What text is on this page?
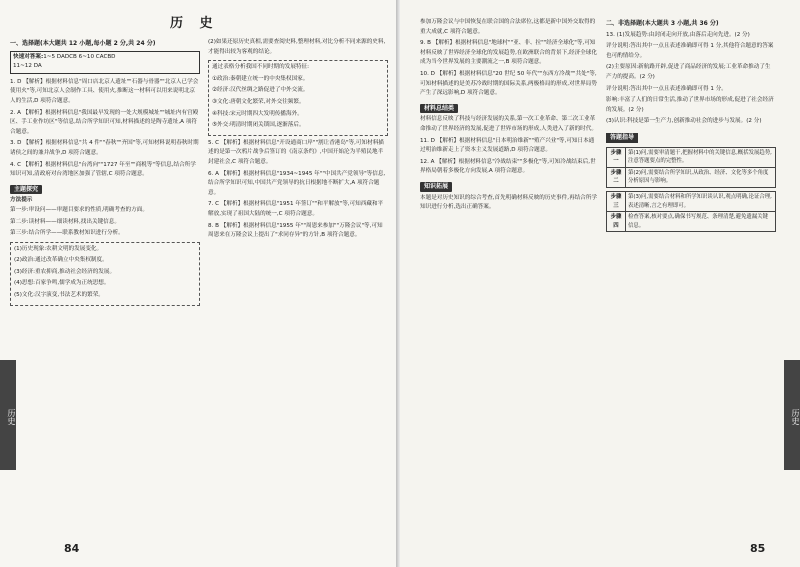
历 史
一、选择题(本大题共 12 小题,每小题 2 分,共 24 分)
快速对答案:1~5 DADCB 6~10 CACBD
11~12 DA

1. D 【解析】根据材料信息"周口店北京人遗址""石器与骨器""北京人已学会使用火"等,可知北京人会制作工具、使用火,推断这一材料可以用来说明北京人的生活,D 项符合题意。

2. A 【解析】根据材料信息"我国最早发现的一处大规模城址""城址内有宫殿区、手工业作坊区"等信息,结合所学知识可知,材料描述的是陶寺遗址,A 项符合题意。

3. D 【解析】根据材料信息"共 4 件""春秋""齐国"等,可知材料说明春秋时期诸侯之间的兼并战争,D 项符合题意。

4. C 【解析】根据材料信息"台湾向""1727 年至""商税等"等信息,结合所学知识可知,清政府对台湾地区加强了管辖,C 项符合题意。

主题探究
方法提示

第一步:审设问——审题目要求的性质,明确考查的方面。

第二步:读材料——细读材料,找出关键信息。

第三步:结合所学——联系教材知识进行分析。

(1)历史现象:农耕文明的发展变化。

(2)政治:通过改革确立中央集权制度。

(3)经济:重农抑商,推动社会经济的发展。

(4)思想:百家争鸣,儒学成为正统思想。

(5)文化:汉字演变,书法艺术的繁荣。

(2)如果还原历史真相,需要查阅史料,整理材料,对比分析不同来源的史料,才能得出较为客观的结论。

通过表格分析我国不同时期的发展特征:

①政治:秦朝建立统一的中央集权国家。

②经济:汉代丝绸之路促进了中外交流。

③文化:唐朝文化繁荣,对外交往频繁。

④科技:宋元时期四大发明传播海外。

⑤外交:明清时期闭关锁国,逐渐落后。

5. C 【解析】根据材料信息"开设通商口岸""割让香港岛"等,可知材料描述的是第一次鸦片战争后签订的《南京条约》,中国开始沦为半殖民地半封建社会,C 项符合题意。

6. A 【解析】根据材料信息"1934~1945 年""中国共产党领导"等信息,结合所学知识可知,中国共产党领导的抗日根据地不断扩大,A 项符合题意。

7. C 【解析】根据材料信息"1951 年签订""和平解放"等,可知西藏和平解放,实现了祖国大陆的统一,C 项符合题意。

8. B 【解析】根据材料信息"1955 年""周恩来参加""万隆会议"等,可知周恩来在万隆会议上提出了"求同存异"的方针,B 项符合题意。

历史
84

参加万隆会议与中国恢复在联合国的合法席位,这都是新中国外交取得的重大成就,C 项符合题意。

9. B 【解析】根据材料信息"地球村""亚、非、拉""经济全球化"等,可知材料反映了世界经济全球化的发展趋势,在欧洲联合的背景下,经济全球化成为当今世界发展的主要潮流之一,B 项符合题意。

10. D 【解析】根据材料信息"20 世纪 50 年代""东西方冷战""共处"等,可知材料描述的是美苏冷战时期的国际关系,两极格局的形成,对世界局势产生了深远影响,D 项符合题意。

材料总结类

材料信息反映了科技与经济发展的关系,第一次工业革命、第二次工业革命推动了世界经济的发展,促进了世界市场的形成,人类进入了新的时代。

11. D 【解析】根据材料信息"日本明治维新""殖产兴业"等,可知日本通过明治维新走上了资本主义发展道路,D 项符合题意。

12. A 【解析】根据材料信息"冷战结束""多极化"等,可知冷战结束后,世界格局朝着多极化方向发展,A 项符合题意。

知识拓展

本题是对历史知识的综合考查,首先明确材料反映的历史事件,再结合所学知识进行分析,选出正确答案。

二、非选择题(本大题共 3 小题,共 36 分)

13. (1)发展趋势:由封闭走向开放,由落后走向先进。(2 分)

评分说明:答出其中一点且表述准确即可得 1 分,其他符合题意的答案也可酌情给分。

(2)主要原因:新航路开辟,促进了商品经济的发展;工业革命推动了生产力的提高。(2 分)

评分说明:答出其中一点且表述准确即可得 1 分。

影响:丰富了人们的日常生活,推动了世界市场的形成,促进了社会经济的发展。(2 分)

(3)认识:科技是第一生产力,创新推动社会的进步与发展。(2 分)

答题指导
步骤一	第(1)问,需要审清题干,把握材料中的关键信息,概括发展趋势,注意答题要点的完整性。
步骤二	第(2)问,需要结合所学知识,从政治、经济、文化等多个角度分析原因与影响。
步骤三	第(3)问,需要结合材料和所学知识谈认识,观点明确,论证合理,表述清晰,言之有理即可。
步骤四	检查答案,核对要点,确保书写规范、条理清楚,避免遗漏关键信息。
历史
85
